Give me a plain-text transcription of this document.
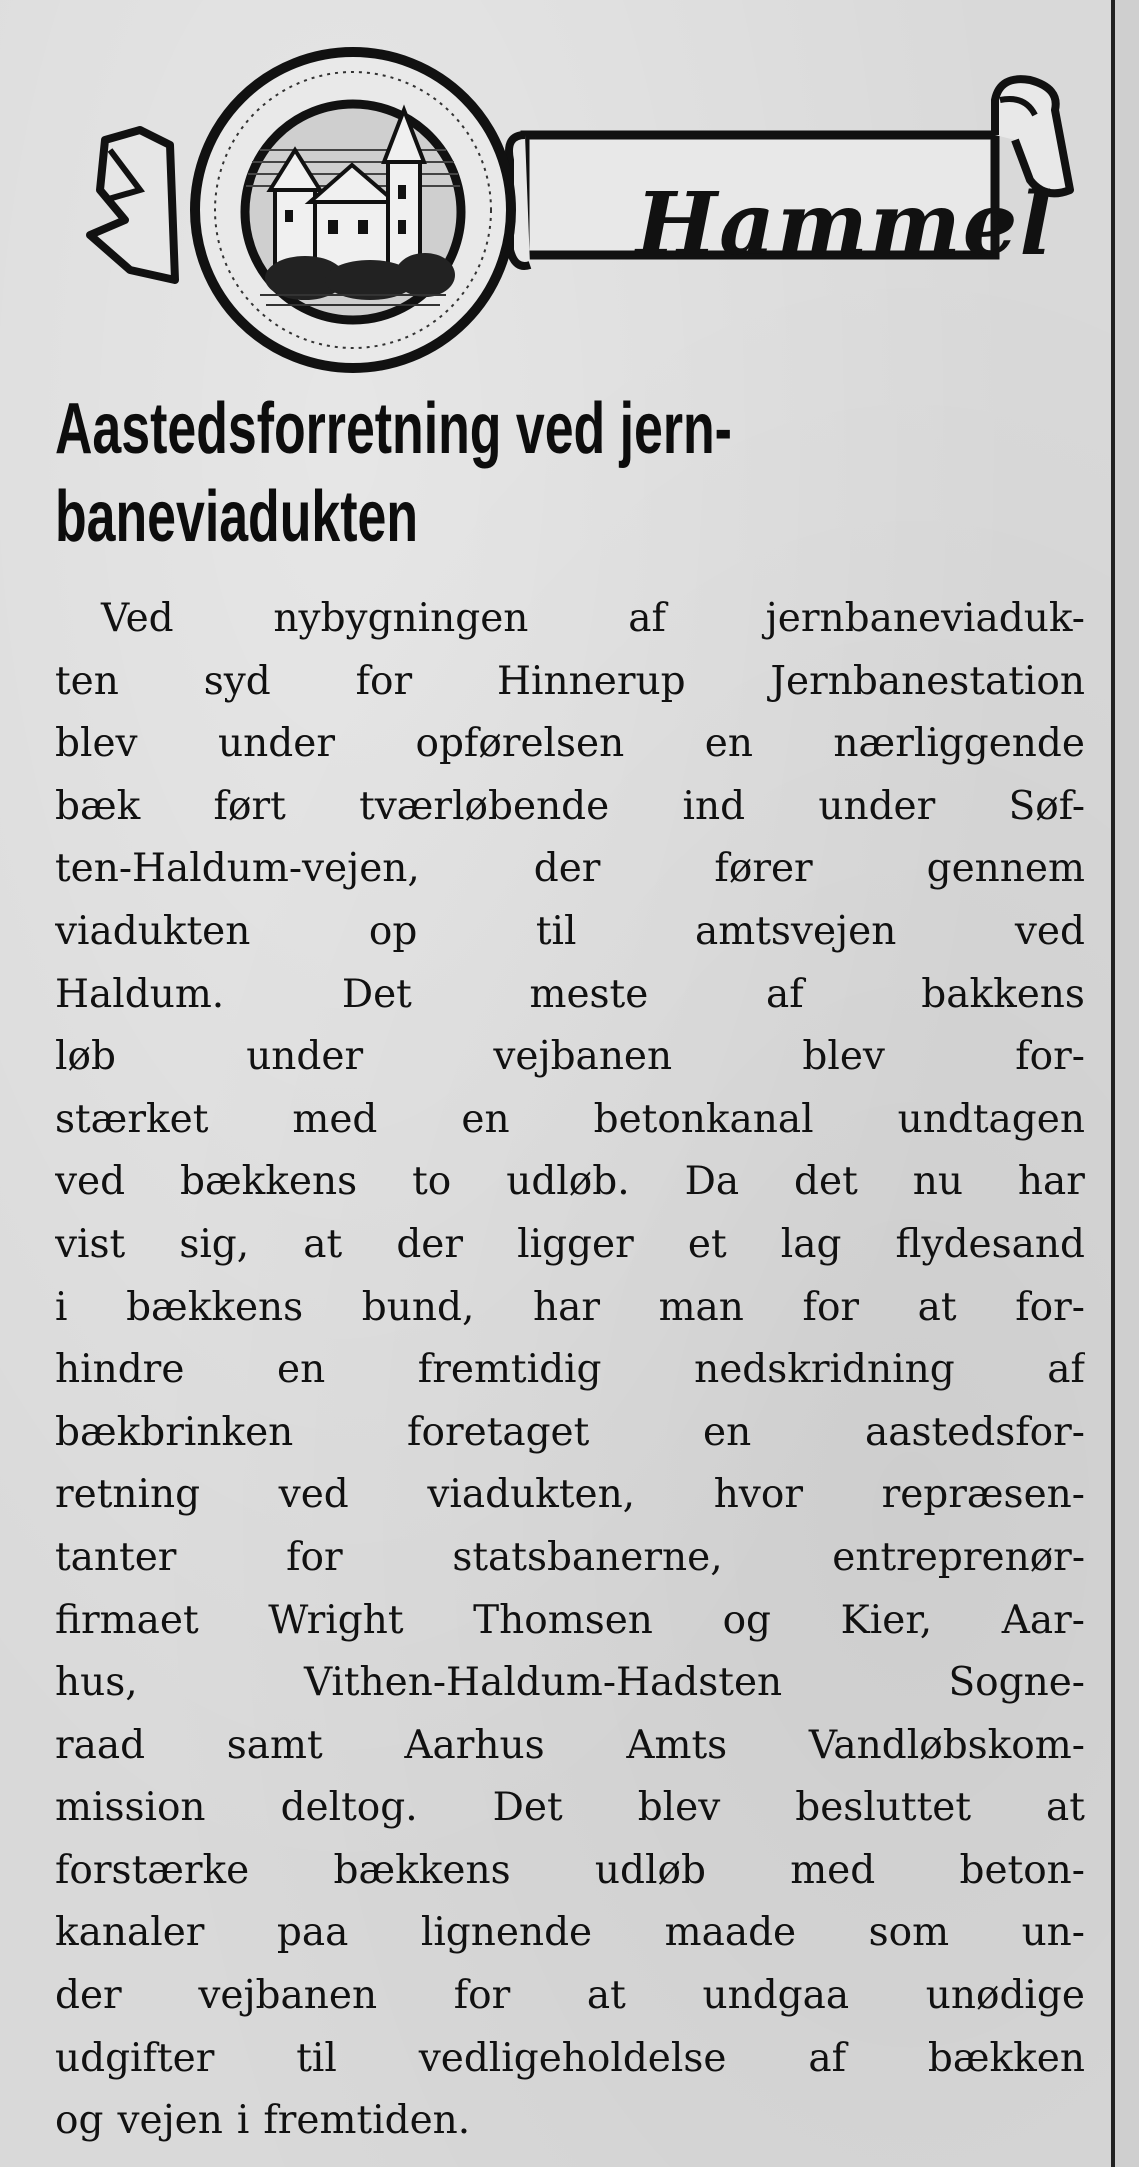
Hammel
Aastedsforretning ved jern-
baneviadukten
Ved	nybygningen	af	jernbaneviaduk-
ten syd for Hinnerup Jernbanestation
blev under opførelsen en nærliggende
bæk ført tværløbende ind under Søf-
ten-Haldum-vejen,	der	fører	gennem
viadukten	op	til	amtsvejen	ved
Haldum.	Det	meste	af	bakkens
løb	under	vejbanen	blev	for-
stærket med en betonkanal undtagen
ved bækkens to udløb. Da det nu har
vist sig, at der ligger et lag flydesand
i bækkens bund, har man for at for-
hindre en fremtidig nedskridning af
bækbrinken	foretaget	en	aastedsfor-
retning ved viadukten, hvor repræsen-
tanter	for	statsbanerne,	entreprenør-
firmaet Wright Thomsen og Kier, Aar-
hus,	Vithen-Haldum-Hadsten	Sogne-
raad samt Aarhus Amts Vandløbskom-
mission deltog. Det blev besluttet at
forstærke bækkens udløb med beton-
kanaler paa lignende maade som un-
der vejbanen for at undgaa unødige
udgifter til vedligeholdelse af bækken
og vejen i fremtiden.
